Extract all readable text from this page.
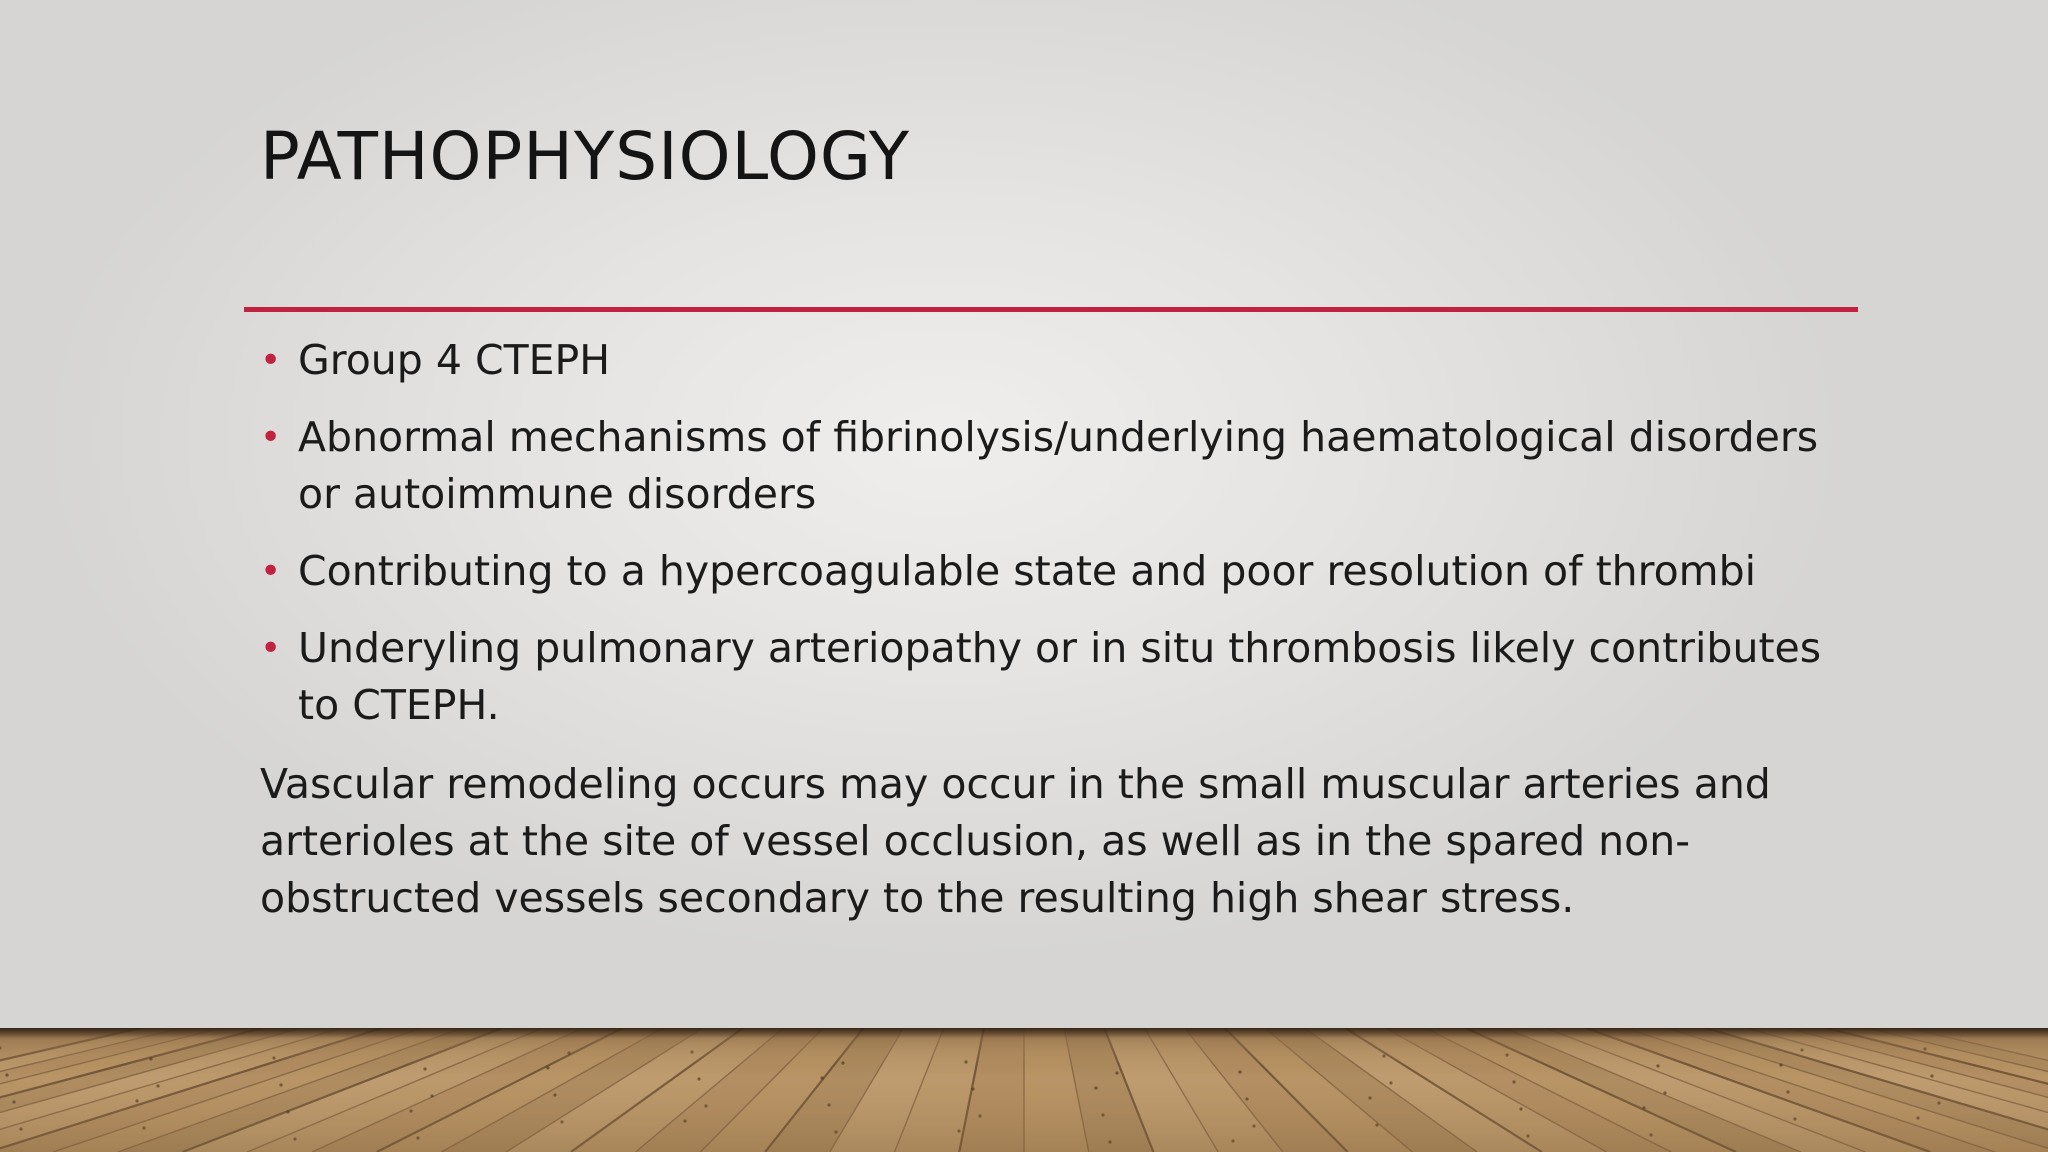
PATHOPHYSIOLOGY
• Group 4 CTEPH
• Abnormal mechanisms of fibrinolysis/underlying haematological disorders or autoimmune disorders
• Contributing to a hypercoagulable state and poor resolution of thrombi
• Underyling pulmonary arteriopathy or in situ thrombosis likely contributes to CTEPH.

Vascular remodeling occurs may occur in the small muscular arteries and arterioles at the site of vessel occlusion, as well as in the spared non-obstructed vessels secondary to the resulting high shear stress.
